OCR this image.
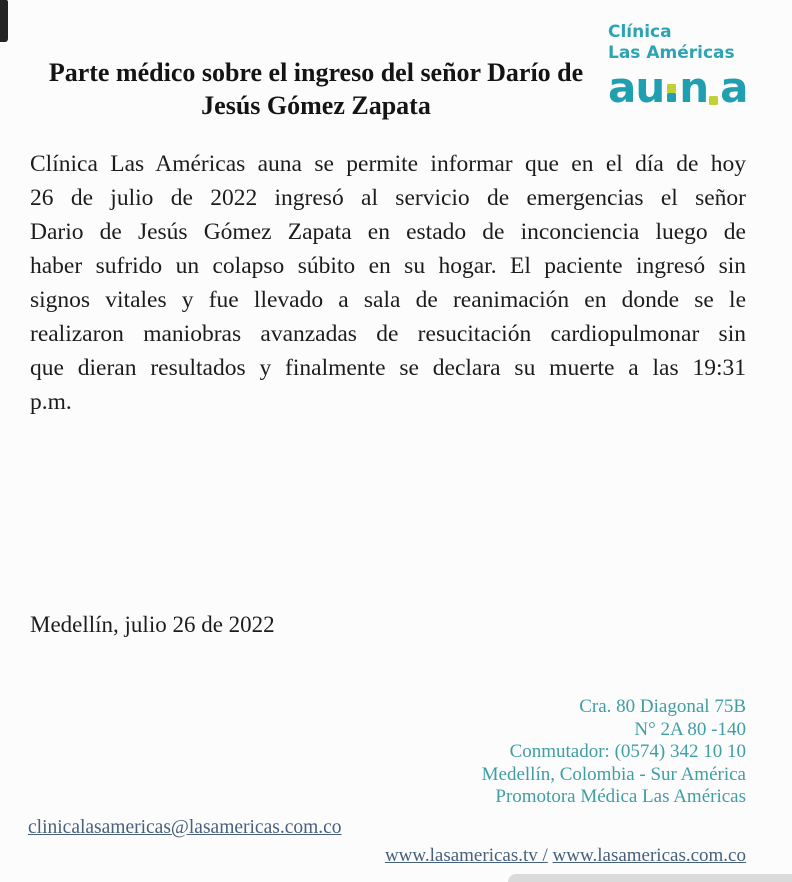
Parte médico sobre el ingreso del señor Darío de
Jesús Gómez Zapata
Clínica
Las Américas
au n a
Clínica Las Américas auna se permite informar que en el día de hoy
26 de julio de 2022 ingresó al servicio de emergencias el señor
Dario de Jesús Gómez Zapata en estado de inconciencia luego de
haber sufrido un colapso súbito en su hogar. El paciente ingresó sin
signos vitales y fue llevado a sala de reanimación en donde se le
realizaron maniobras avanzadas de resucitación cardiopulmonar sin
que dieran resultados y finalmente se declara su muerte a las 19:31
p.m.
Medellín, julio 26 de 2022
Cra. 80 Diagonal 75B
N° 2A 80 -140
Conmutador: (0574) 342 10 10
Medellín, Colombia - Sur América
Promotora Médica Las Américas
clinicalasamericas@lasamericas.com.co
www.lasamericas.tv / www.lasamericas.com.co
